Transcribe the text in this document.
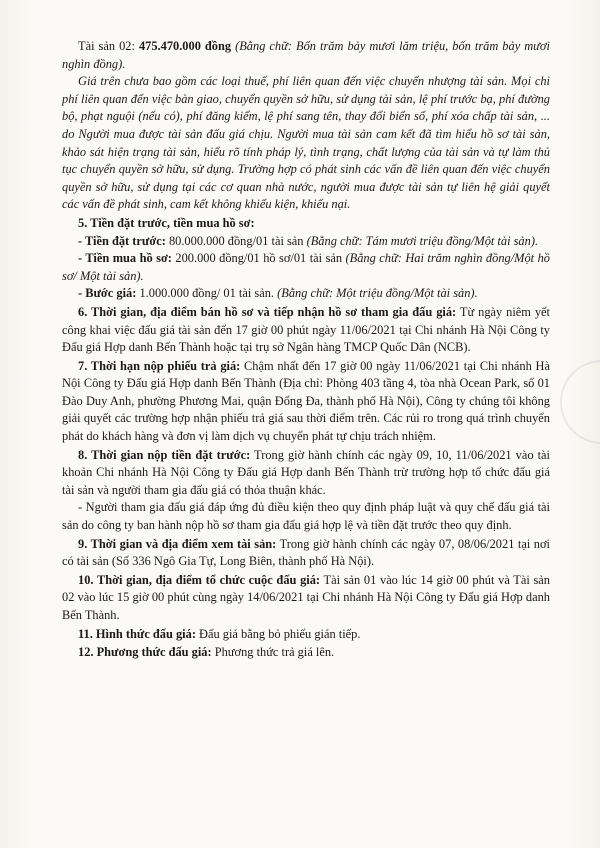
Tài sản 02: 475.470.000 đồng (Bằng chữ: Bốn trăm bảy mươi lăm triệu, bốn trăm bảy mươi nghìn đồng).

Giá trên chưa bao gồm các loại thuế, phí liên quan đến việc chuyển nhượng tài sản. Mọi chi phí liên quan đến việc bàn giao, chuyển quyền sở hữu, sử dụng tài sản, lệ phí trước bạ, phí đường bộ, phạt nguội (nếu có), phí đăng kiểm, lệ phí sang tên, thay đổi biển số, phí xóa chấp tài sản, ... do Người mua được tài sản đấu giá chịu. Người mua tài sản cam kết đã tìm hiểu hồ sơ tài sản, khảo sát hiện trạng tài sản, hiểu rõ tính pháp lý, tình trạng, chất lượng của tài sản và tự làm thủ tục chuyển quyền sở hữu, sử dụng. Trường hợp có phát sinh các vấn đề liên quan đến việc chuyển quyền sở hữu, sử dụng tại các cơ quan nhà nước, người mua được tài sản tự liên hệ giải quyết các vấn đề phát sinh, cam kết không khiếu kiện, khiếu nại.

5. Tiền đặt trước, tiền mua hồ sơ:

- Tiền đặt trước: 80.000.000 đồng/01 tài sản (Bằng chữ: Tám mươi triệu đồng/Một tài sản).

- Tiền mua hồ sơ: 200.000 đồng/01 hồ sơ/01 tài sản (Bằng chữ: Hai trăm nghìn đồng/Một hồ sơ/ Một tài sản).

- Bước giá: 1.000.000 đồng/ 01 tài sản. (Bằng chữ: Một triệu đồng/Một tài sản).

6. Thời gian, địa điểm bán hồ sơ và tiếp nhận hồ sơ tham gia đấu giá: Từ ngày niêm yết công khai việc đấu giá tài sản đến 17 giờ 00 phút ngày 11/06/2021 tại Chi nhánh Hà Nội Công ty Đấu giá Hợp danh Bến Thành hoặc tại trụ sở Ngân hàng TMCP Quốc Dân (NCB).

7. Thời hạn nộp phiếu trả giá: Chậm nhất đến 17 giờ 00 ngày 11/06/2021 tại Chi nhánh Hà Nội Công ty Đấu giá Hợp danh Bến Thành (Địa chỉ: Phòng 403 tầng 4, tòa nhà Ocean Park, số 01 Đào Duy Anh, phường Phương Mai, quận Đống Đa, thành phố Hà Nội), Công ty chúng tôi không giải quyết các trường hợp nhận phiếu trả giá sau thời điểm trên. Các rủi ro trong quá trình chuyển phát do khách hàng và đơn vị làm dịch vụ chuyển phát tự chịu trách nhiệm.

8. Thời gian nộp tiền đặt trước: Trong giờ hành chính các ngày 09, 10, 11/06/2021 vào tài khoản Chi nhánh Hà Nội Công ty Đấu giá Hợp danh Bến Thành trừ trường hợp tổ chức đấu giá tài sản và người tham gia đấu giá có thỏa thuận khác.

- Người tham gia đấu giá đáp ứng đủ điều kiện theo quy định pháp luật và quy chế đấu giá tài sản do công ty ban hành nộp hồ sơ tham gia đấu giá hợp lệ và tiền đặt trước theo quy định.

9. Thời gian và địa điểm xem tài sản: Trong giờ hành chính các ngày 07, 08/06/2021 tại nơi có tài sản (Số 336 Ngô Gia Tự, Long Biên, thành phố Hà Nội).

10. Thời gian, địa điểm tổ chức cuộc đấu giá: Tài sản 01 vào lúc 14 giờ 00 phút và Tài sản 02 vào lúc 15 giờ 00 phút cùng ngày 14/06/2021 tại Chi nhánh Hà Nội Công ty Đấu giá Hợp danh Bến Thành.

11. Hình thức đấu giá: Đấu giá bằng bỏ phiếu gián tiếp.

12. Phương thức đấu giá: Phương thức trả giá lên.
